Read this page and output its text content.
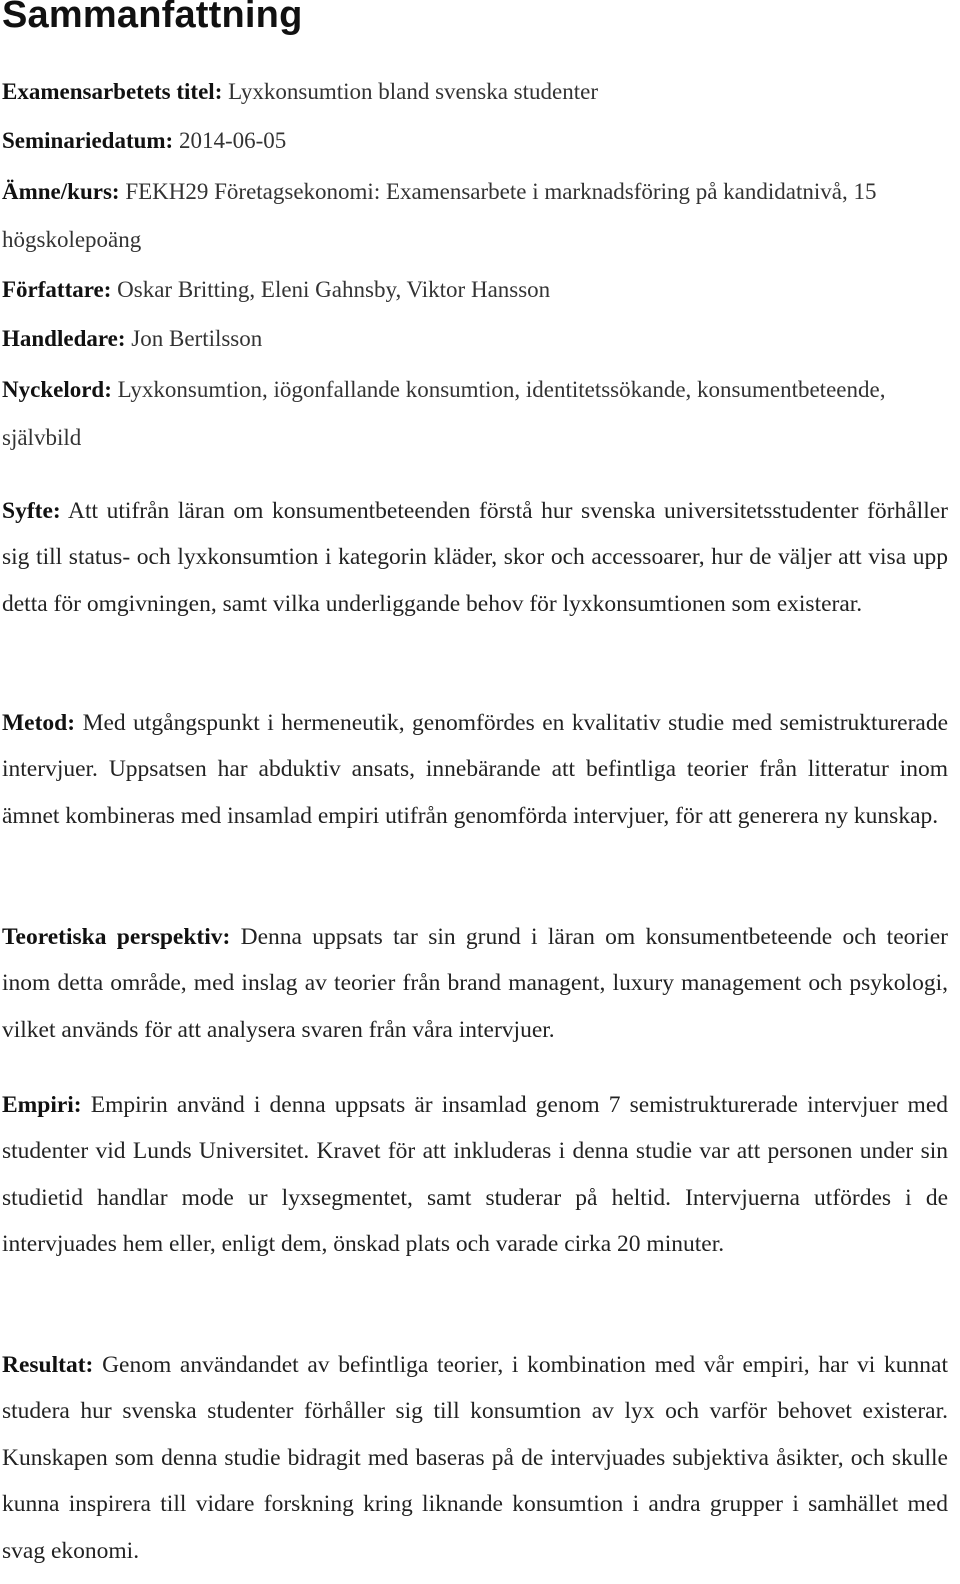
Sammanfattning
Examensarbetets titel: Lyxkonsumtion bland svenska studenter
Seminariedatum: 2014-06-05
Ämne/kurs: FEKH29 Företagsekonomi: Examensarbete i marknadsföring på kandidatnivå, 15 högskolepoäng
Författare: Oskar Britting, Eleni Gahnsby, Viktor Hansson
Handledare: Jon Bertilsson
Nyckelord: Lyxkonsumtion, iögonfallande konsumtion, identitetssökande, konsumentbeteende, självbild
Syfte: Att utifrån läran om konsumentbeteenden förstå hur svenska universitetsstudenter förhåller sig till status- och lyxkonsumtion i kategorin kläder, skor och accessoarer, hur de väljer att visa upp detta för omgivningen, samt vilka underliggande behov för lyxkonsumtionen som existerar.
Metod: Med utgångspunkt i hermeneutik, genomfördes en kvalitativ studie med semistrukturerade intervjuer. Uppsatsen har abduktiv ansats, innebärande att befintliga teorier från litteratur inom ämnet kombineras med insamlad empiri utifrån genomförda intervjuer, för att generera ny kunskap.
Teoretiska perspektiv: Denna uppsats tar sin grund i läran om konsumentbeteende och teorier inom detta område, med inslag av teorier från brand managent, luxury management och psykologi, vilket används för att analysera svaren från våra intervjuer.
Empiri: Empirin använd i denna uppsats är insamlad genom 7 semistrukturerade intervjuer med studenter vid Lunds Universitet. Kravet för att inkluderas i denna studie var att personen under sin studietid handlar mode ur lyxsegmentet, samt studerar på heltid. Intervjuerna utfördes i de intervjuades hem eller, enligt dem, önskad plats och varade cirka 20 minuter.
Resultat: Genom användandet av befintliga teorier, i kombination med vår empiri, har vi kunnat studera hur svenska studenter förhåller sig till konsumtion av lyx och varför behovet existerar. Kunskapen som denna studie bidragit med baseras på de intervjuades subjektiva åsikter, och skulle kunna inspirera till vidare forskning kring liknande konsumtion i andra grupper i samhället med svag ekonomi.
